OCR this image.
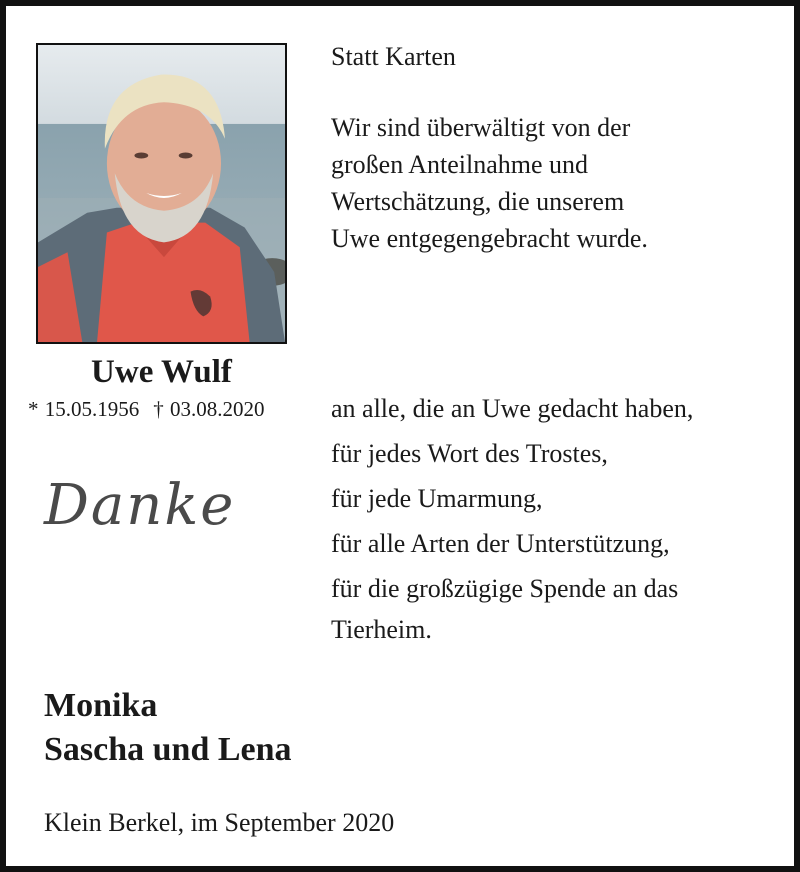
Uwe Wulf
* 15.05.1956 † 03.08.2020
Danke
Statt Karten
Wir sind überwältigt von der
großen Anteilnahme und
Wertschätzung, die unserem
Uwe entgegengebracht wurde.
an alle, die an Uwe gedacht haben,
für jedes Wort des Trostes,
für jede Umarmung,
für alle Arten der Unterstützung,
für die großzügige Spende an das
Tierheim.
Monika
Sascha und Lena
Klein Berkel, im September 2020
